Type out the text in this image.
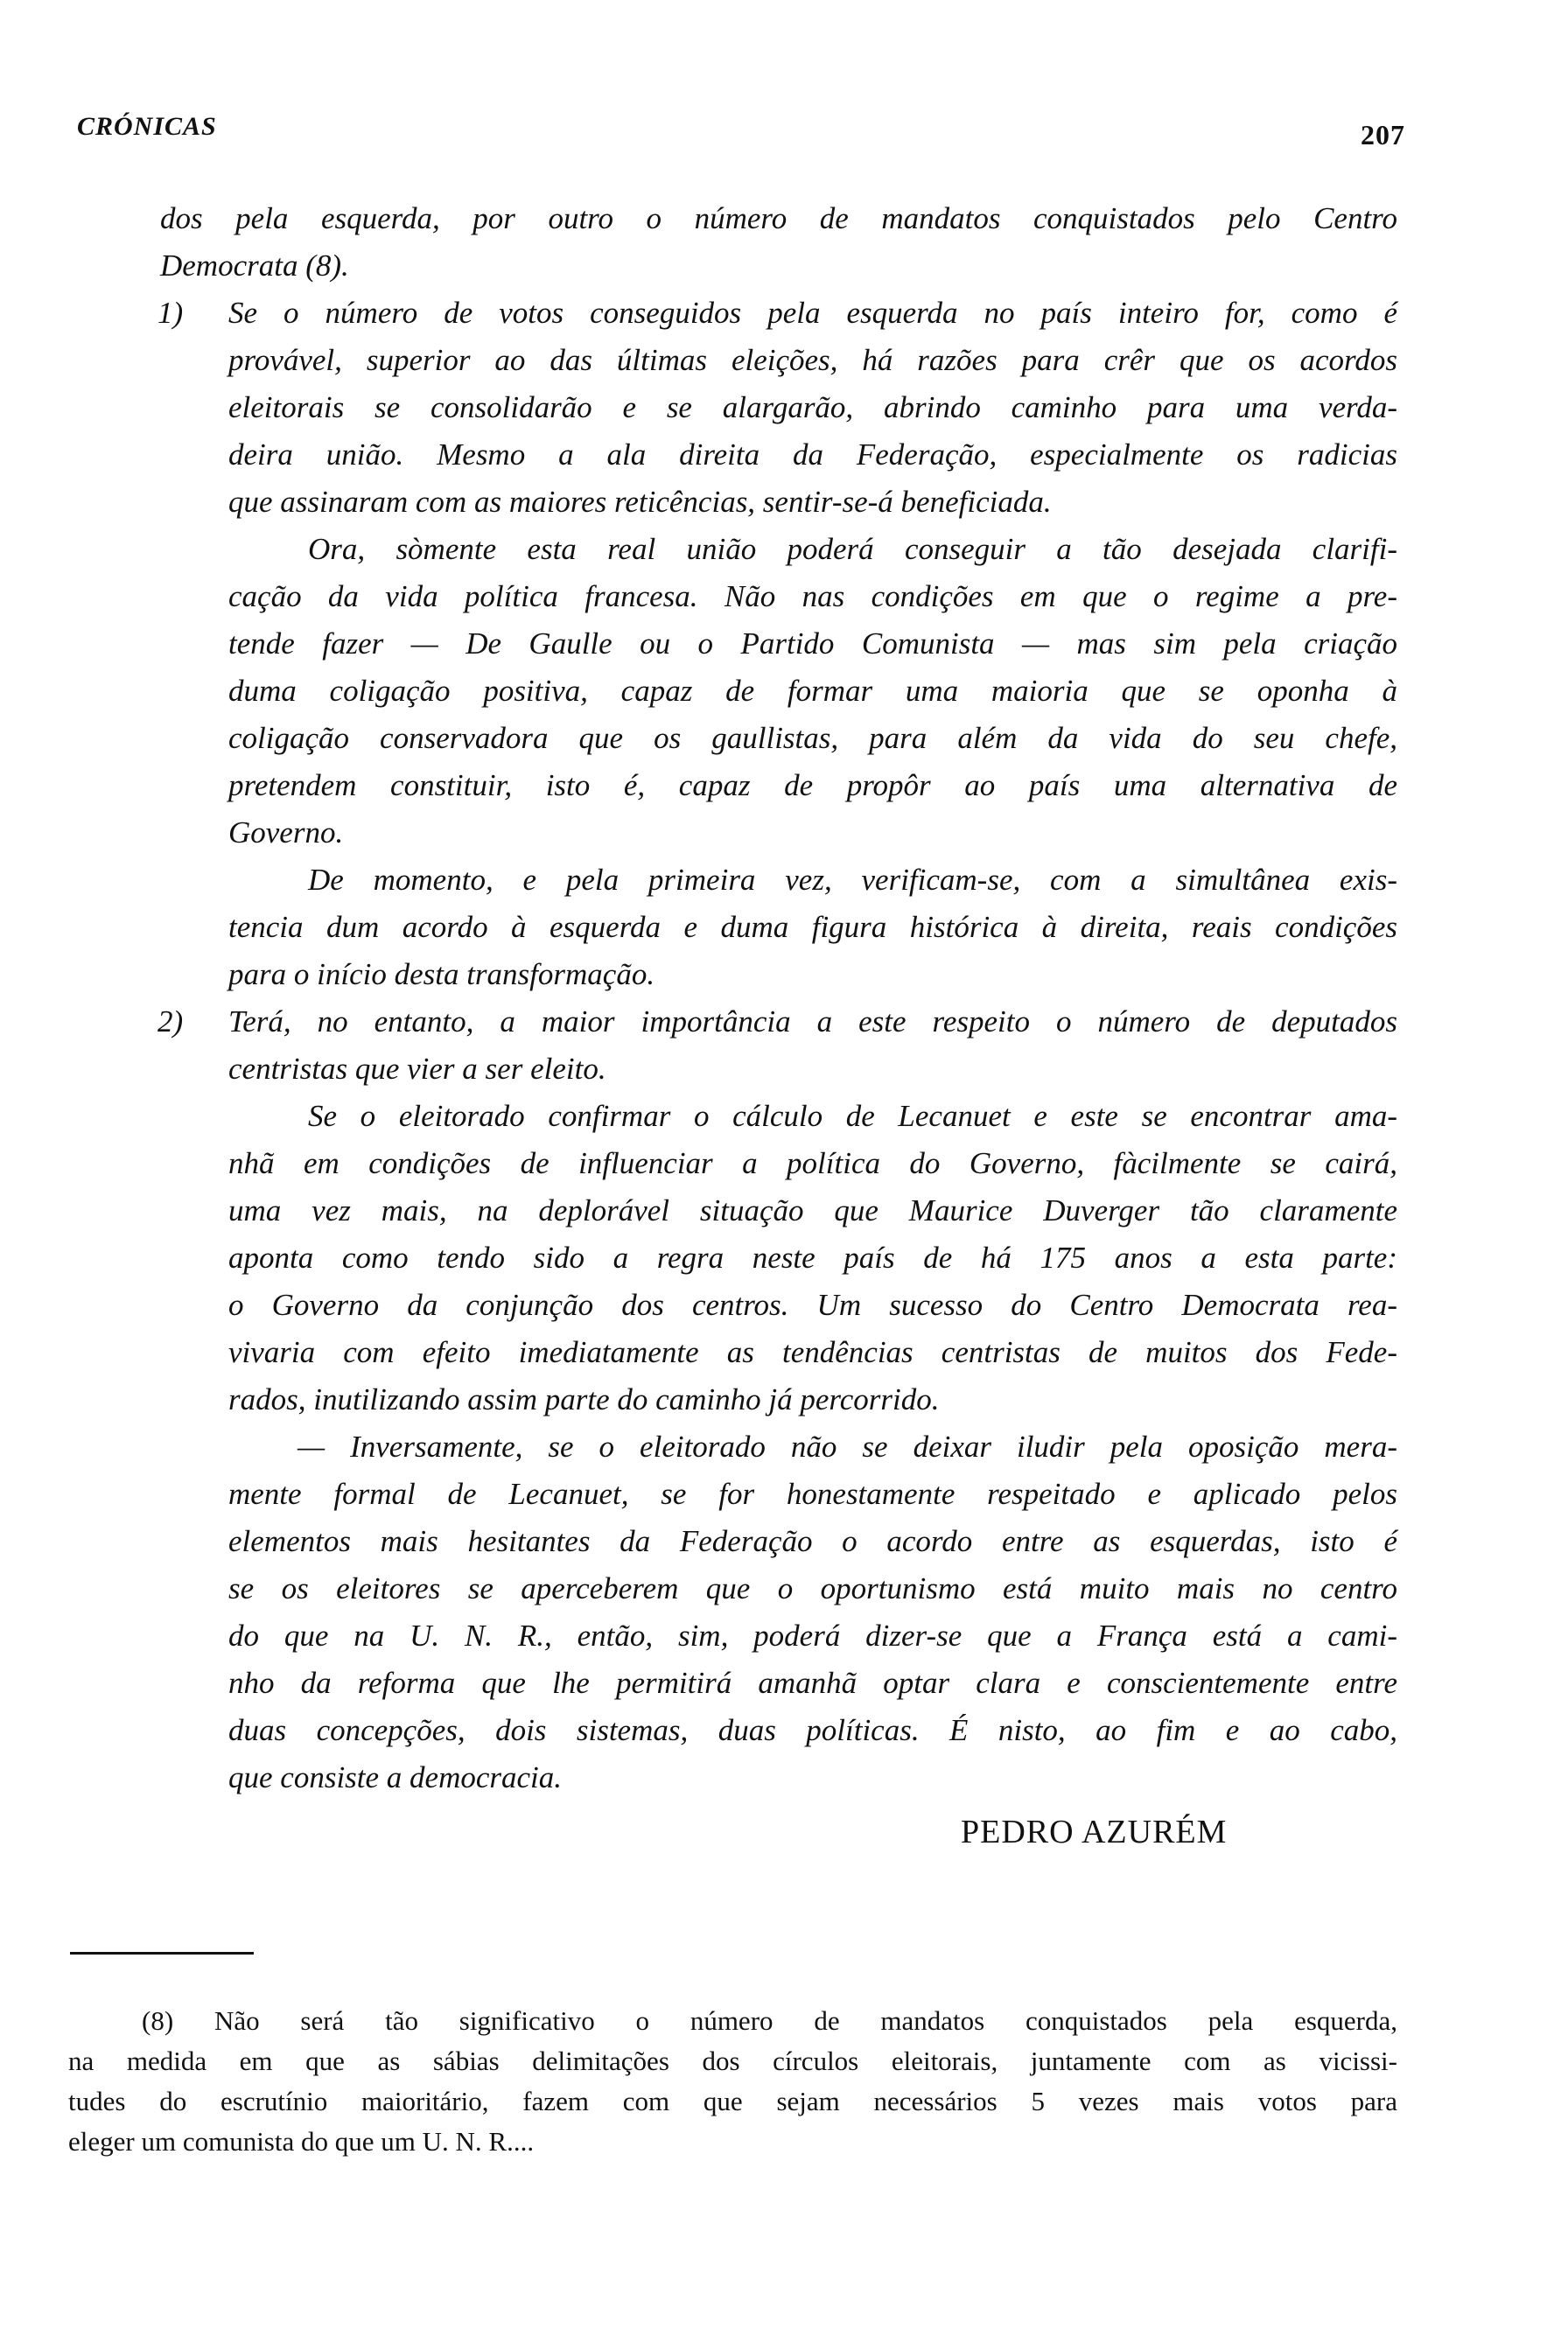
CRÓNICAS	207
dos pela esquerda, por outro o número de mandatos conquistados pelo Centro
Democrata (8).
Se o número de votos conseguidos pela esquerda no país inteiro for, como é
provável, superior ao das últimas eleições, há razões para crêr que os acordos
eleitorais se consolidarão e se alargarão, abrindo caminho para uma verda-
deira união. Mesmo a ala direita da Federação, especialmente os radicias
que assinaram com as maiores reticências, sentir-se-á beneficiada.
Ora, sòmente esta real união poderá conseguir a tão desejada clarifi-
cação da vida política francesa. Não nas condições em que o regime a pre-
tende fazer — De Gaulle ou o Partido Comunista — mas sim pela criação
duma coligação positiva, capaz de formar uma maioria que se oponha à
coligação conservadora que os gaullistas, para além da vida do seu chefe,
pretendem constituir, isto é, capaz de propôr ao país uma alternativa de
Governo.
De momento, e pela primeira vez, verificam-se, com a simultânea exis-
tencia dum acordo à esquerda e duma figura histórica à direita, reais condições
para o início desta transformação.
Terá, no entanto, a maior importância a este respeito o número de deputados
centristas que vier a ser eleito.
Se o eleitorado confirmar o cálculo de Lecanuet e este se encontrar ama-
nhã em condições de influenciar a política do Governo, fàcilmente se cairá,
uma vez mais, na deplorável situação que Maurice Duverger tão claramente
aponta como tendo sido a regra neste país de há 175 anos a esta parte:
o Governo da conjunção dos centros. Um sucesso do Centro Democrata rea-
vivaria com efeito imediatamente as tendências centristas de muitos dos Fede-
rados, inutilizando assim parte do caminho já percorrido.
— Inversamente, se o eleitorado não se deixar iludir pela oposição mera-
mente formal de Lecanuet, se for honestamente respeitado e aplicado pelos
elementos mais hesitantes da Federação o acordo entre as esquerdas, isto é
se os eleitores se aperceberem que o oportunismo está muito mais no centro
do que na U. N. R., então, sim, poderá dizer-se que a França está a cami-
nho da reforma que lhe permitirá amanhã optar clara e conscientemente entre
duas concepções, dois sistemas, duas políticas. É nisto, ao fim e ao cabo,
que consiste a democracia.
1)
2)
PEDRO AZURÉM
(8) Não será tão significativo o número de mandatos conquistados pela esquerda,
na medida em que as sábias delimitações dos círculos eleitorais, juntamente com as vicissi-
tudes do escrutínio maioritário, fazem com que sejam necessários 5 vezes mais votos para
eleger um comunista do que um U. N. R....
